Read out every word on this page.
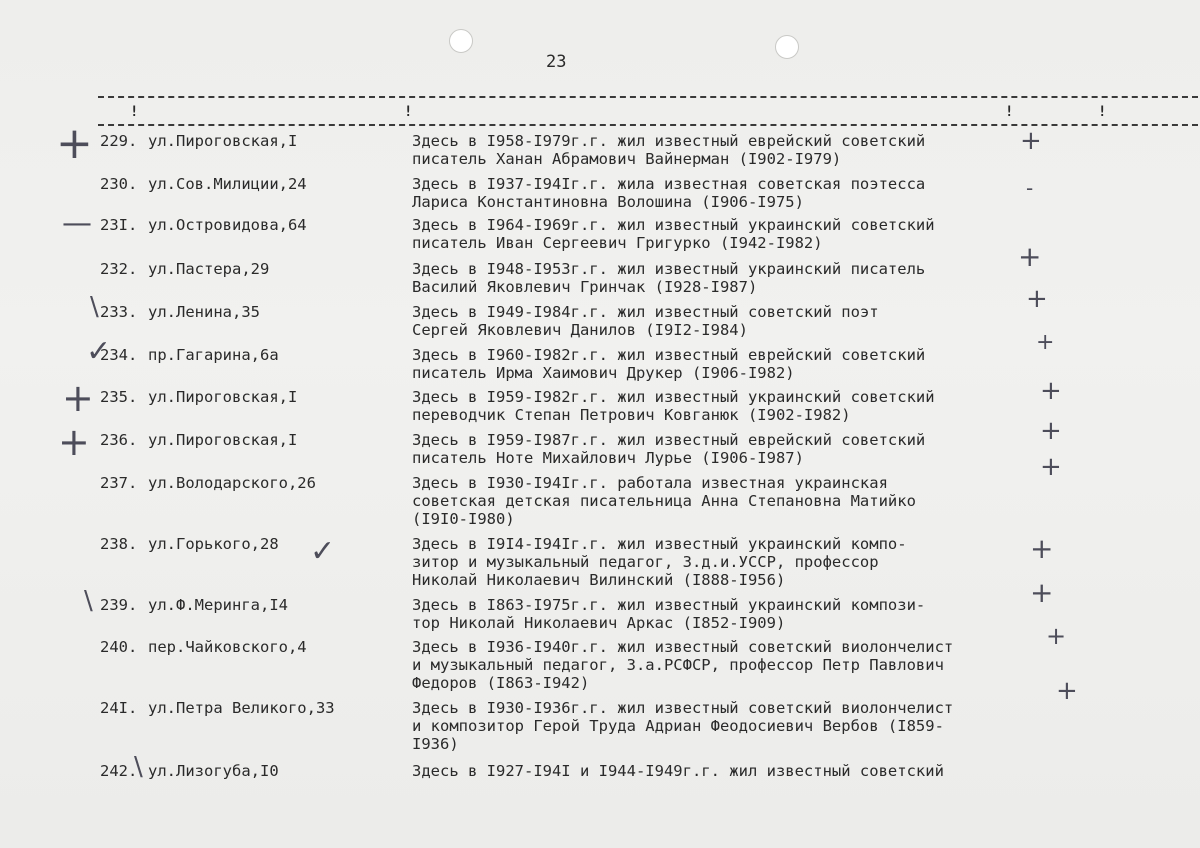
23
!	!	!	!
229. ул.Пироговская,I	Здесь в I958-I979г.г. жил известный еврейский советский
писатель Ханан Абрамович Вайнерман (I902-I979)
230. ул.Сов.Милиции,24	Здесь в I937-I94Iг.г. жила известная советская поэтесса
Лариса Константиновна Волошина (I906-I975)
23I. ул.Островидова,64	Здесь в I964-I969г.г. жил известный украинский советский
писатель Иван Сергеевич Григурко (I942-I982)
232. ул.Пастера,29	Здесь в I948-I953г.г. жил известный украинский писатель
Василий Яковлевич Гринчак (I928-I987)
233. ул.Ленина,35	Здесь в I949-I984г.г. жил известный советский поэт
Сергей Яковлевич Данилов (I9I2-I984)
234. пр.Гагарина,6а	Здесь в I960-I982г.г. жил известный еврейский советский
писатель Ирма Хаимович Друкер (I906-I982)
235. ул.Пироговская,I	Здесь в I959-I982г.г. жил известный украинский советский
переводчик Степан Петрович Ковганюк (I902-I982)
236. ул.Пироговская,I	Здесь в I959-I987г.г. жил известный еврейский советский
писатель Ноте Михайлович Лурье (I906-I987)
237. ул.Володарского,26	Здесь в I930-I94Iг.г. работала известная украинская
советская детская писательница Анна Степановна Матийко
(I9I0-I980)
238. ул.Горького,28	Здесь в I9I4-I94Iг.г. жил известный украинский компо-
зитор и музыкальный педагог, З.д.и.УССР, профессор
Николай Николаевич Вилинский (I888-I956)
239. ул.Ф.Меринга,I4	Здесь в I863-I975г.г. жил известный украинский компози-
тор Николай Николаевич Аркас (I852-I909)
240. пер.Чайковского,4	Здесь в I936-I940г.г. жил известный советский виолончелист
и музыкальный педагог, З.а.РСФСР, профессор Петр Павлович
Федоров (I863-I942)
24I. ул.Петра Великого,33	Здесь в I930-I936г.г. жил известный советский виолончелист
и композитор Герой Труда Адриан Феодосиевич Вербов (I859-
I936)
242. ул.Лизогуба,I0	Здесь в I927-I94I и I944-I949г.г. жил известный советский
+
—
\
✓
+
+
\
✓
\
+
-
+
+
+
+
+
+
+
+
+
+
